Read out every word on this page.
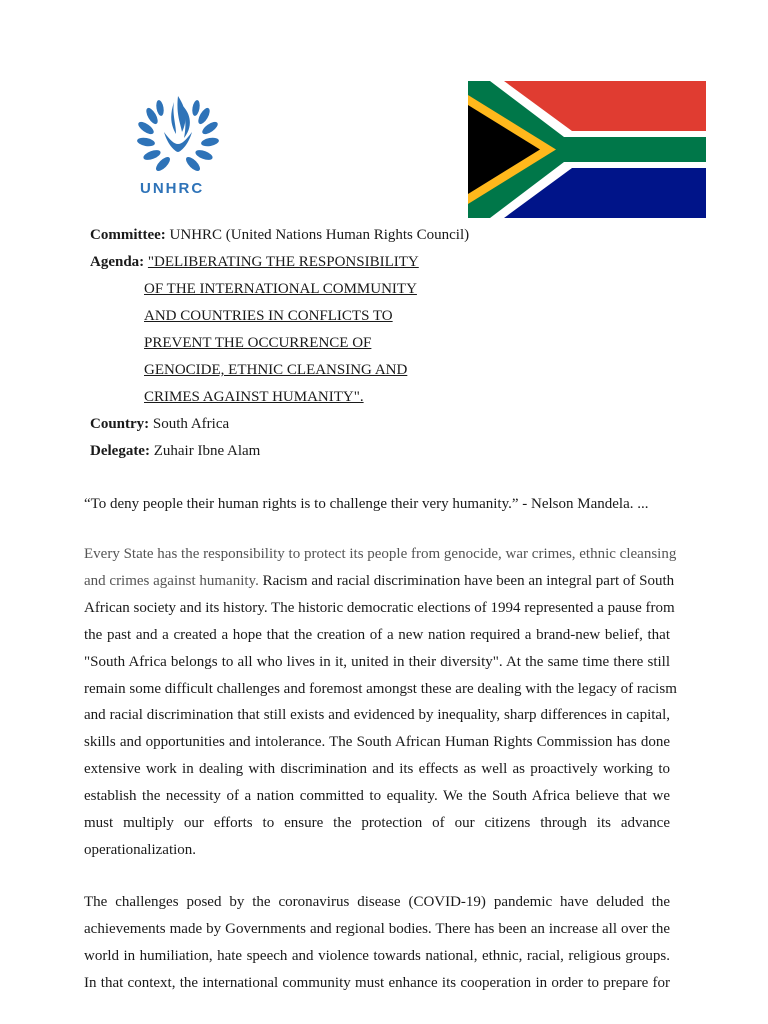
UNHRC
Committee: UNHRC (United Nations Human Rights Council)
Agenda:
"DELIBERATING THE RESPONSIBILITY
OF THE INTERNATIONAL COMMUNITY
AND COUNTRIES IN CONFLICTS TO
PREVENT THE OCCURRENCE OF
GENOCIDE, ETHNIC CLEANSING AND
CRIMES AGAINST HUMANITY".
Country: South Africa
Delegate: Zuhair Ibne Alam
“To deny people their human rights is to challenge their very humanity.” - Nelson Mandela. ...
Every State has the responsibility to protect its people from genocide, war crimes, ethnic cleansing
and crimes against humanity. Racism and racial discrimination have been an integral part of South
African society and its history. The historic democratic elections of 1994 represented a pause from
the past and a created a hope that the creation of a new nation required a brand-new belief, that
"South Africa belongs to all who lives in it, united in their diversity". At the same time there still
remain some difficult challenges and foremost amongst these are dealing with the legacy of racism
and racial discrimination that still exists and evidenced by inequality, sharp differences in capital,
skills and opportunities and intolerance. The South African Human Rights Commission has done
extensive work in dealing with discrimination and its effects as well as proactively working to
establish the necessity of a nation committed to equality. We the South Africa believe that we
must multiply our efforts to ensure the protection of our citizens through its advance
operationalization.
The challenges posed by the coronavirus disease (COVID-19) pandemic have deluded the
achievements made by Governments and regional bodies. There has been an increase all over the
world in humiliation, hate speech and violence towards national, ethnic, racial, religious groups.
In that context, the international community must enhance its cooperation in order to prepare for
